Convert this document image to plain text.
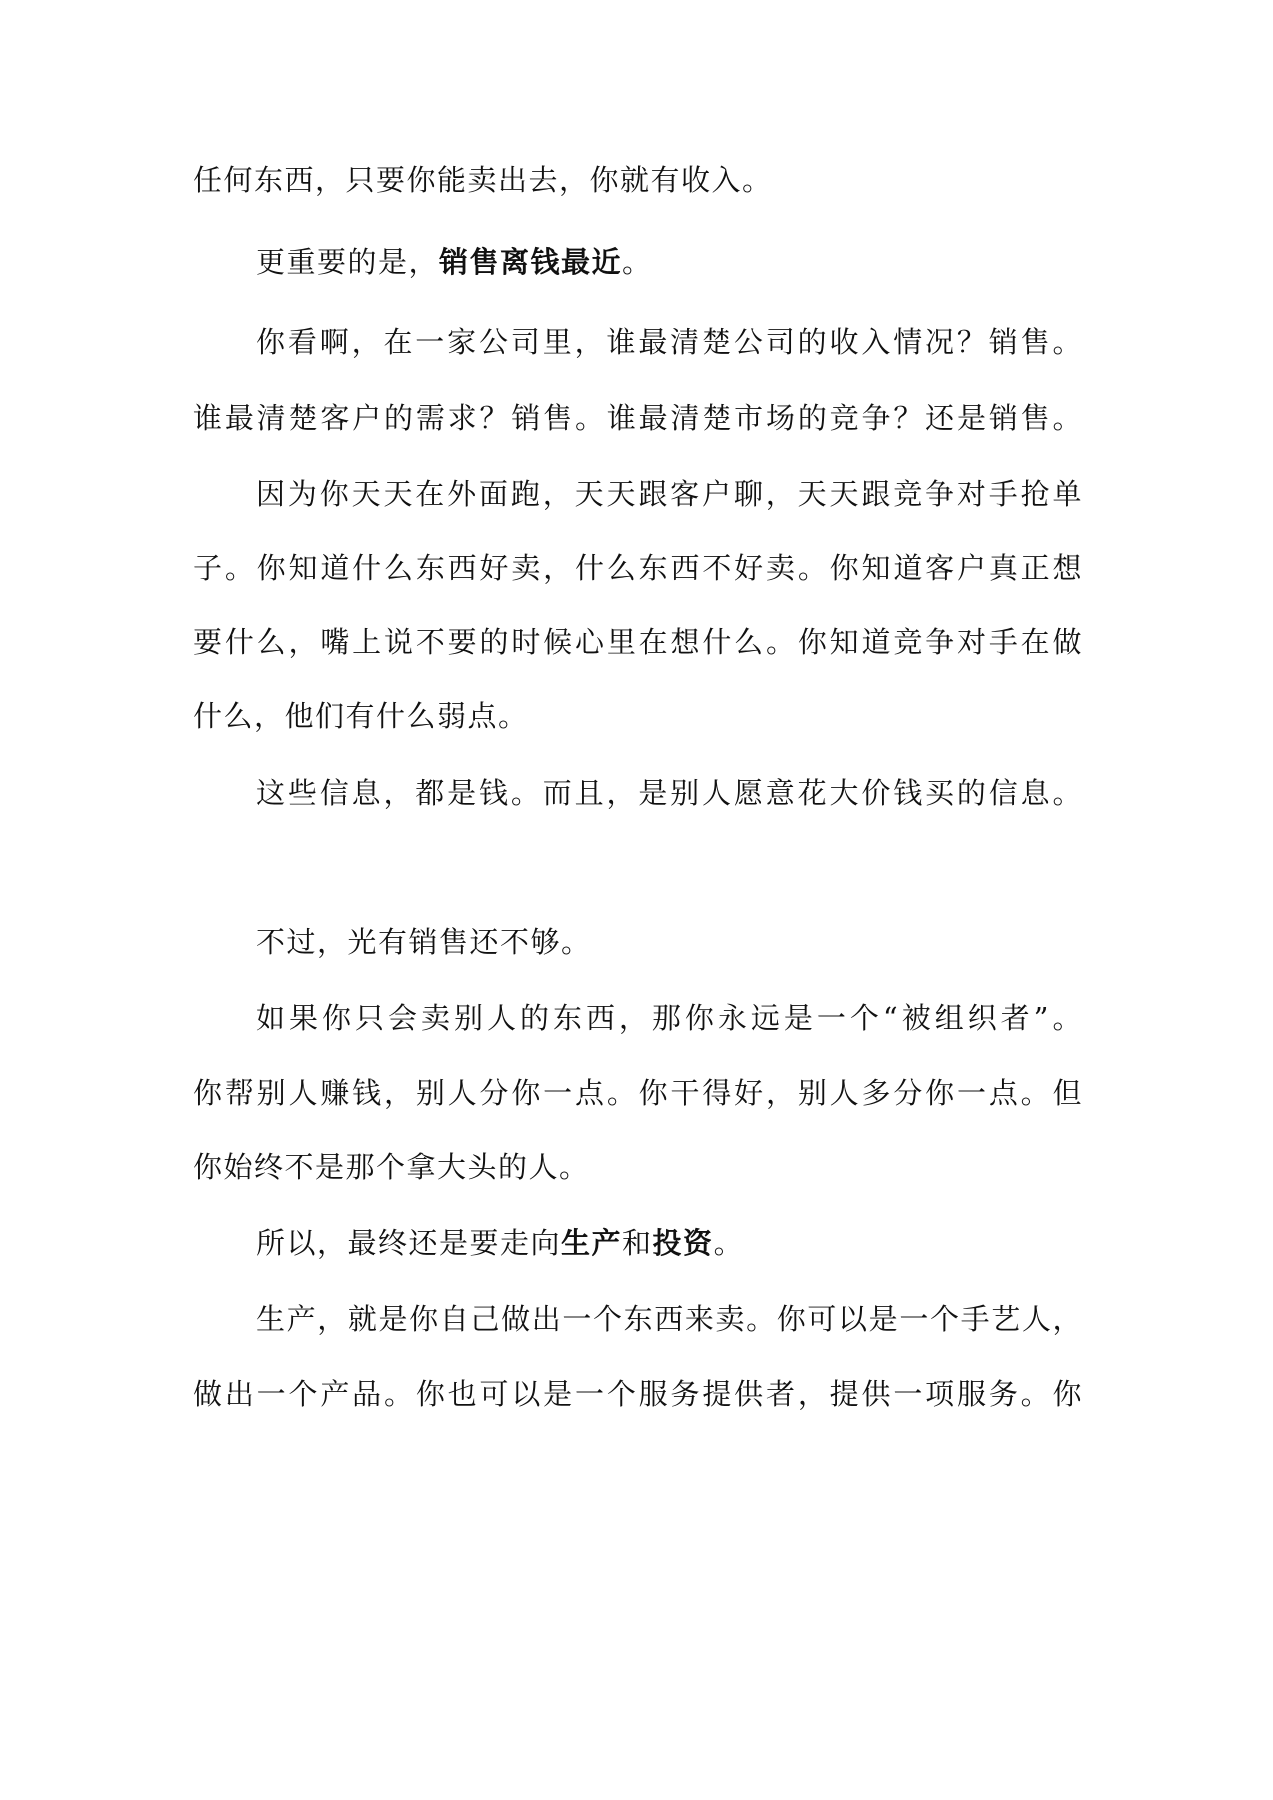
任何东西，只要你能卖出去，你就有收入。
更重要的是，销售离钱最近。
你看啊，在一家公司里，谁最清楚公司的收入情况？销售。
谁最清楚客户的需求？销售。谁最清楚市场的竞争？还是销售。
因为你天天在外面跑，天天跟客户聊，天天跟竞争对手抢单
子。你知道什么东西好卖，什么东西不好卖。你知道客户真正想
要什么，嘴上说不要的时候心里在想什么。你知道竞争对手在做
什么，他们有什么弱点。
这些信息，都是钱。而且，是别人愿意花大价钱买的信息。
不过，光有销售还不够。
如果你只会卖别人的东西，那你永远是一个“被组织者”。
你帮别人赚钱，别人分你一点。你干得好，别人多分你一点。但
你始终不是那个拿大头的人。
所以，最终还是要走向生产和投资。
生产，就是你自己做出一个东西来卖。你可以是一个手艺人，
做出一个产品。你也可以是一个服务提供者，提供一项服务。你
